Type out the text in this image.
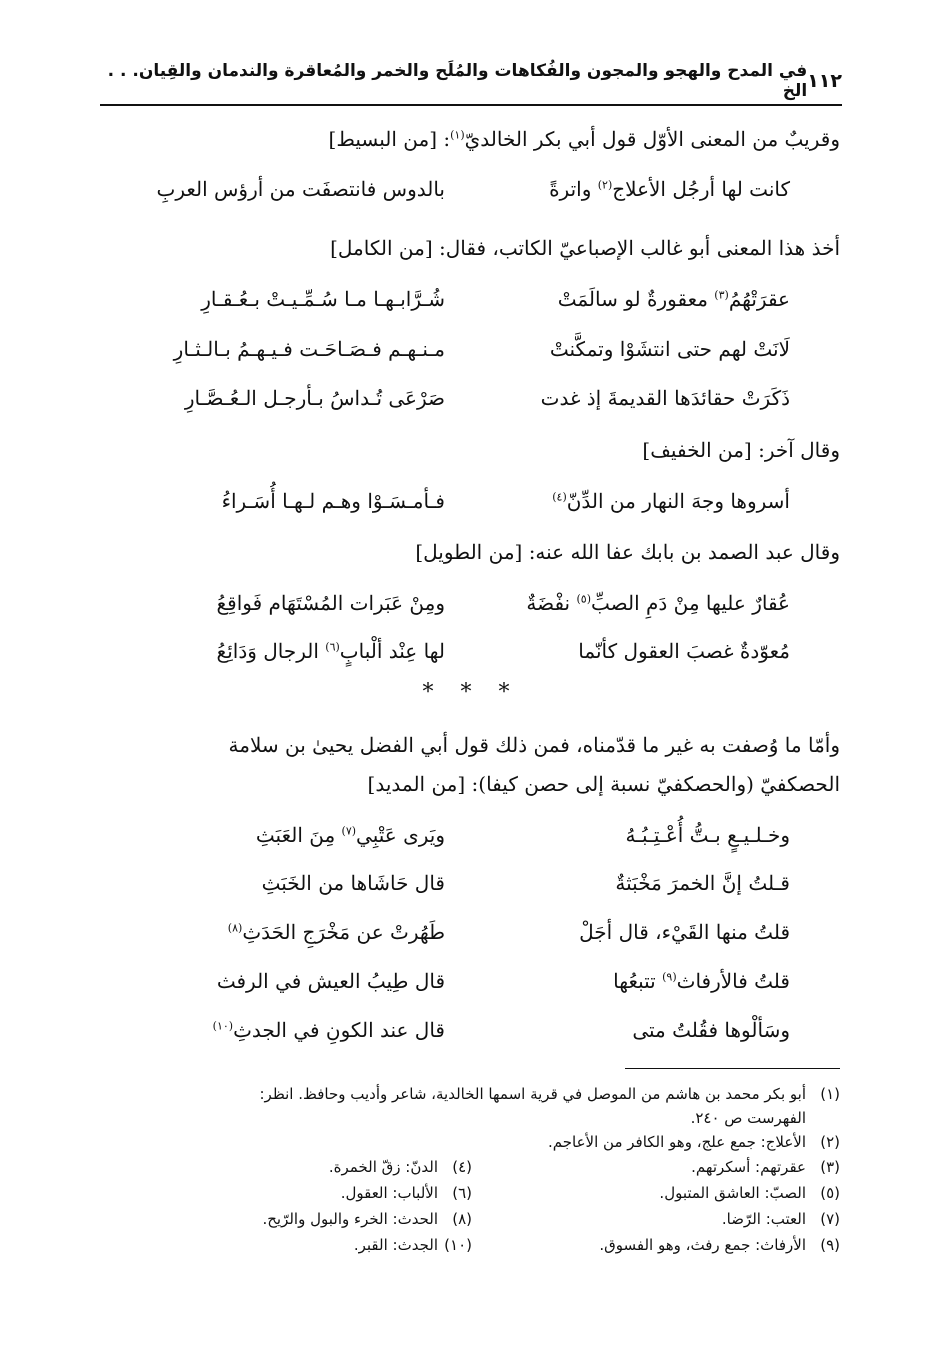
١١٢
في المدح والهجو والمجون والفُكاهات والمُلَح والخمر والمُعاقرة والندمان والقِيان. . . الخ
وقريبٌ من المعنى الأوّل قول أبي بكر الخالديّ$^{(١)}$: [من البسيط]
كانت لها أرجُل الأعلاج$^{(٢)}$ واترةً
بالدوس فانتصفَت من أرؤس العربِ
أخذ هذا المعنى أبو غالب الإصباعيّ الكاتب، فقال: [من الكامل]
عقرَتْهُمُ$^{(٣)}$ معقورةٌ لو سالَمَتْ
شُـرَّابـهـا مـا سُـمِّـيـتْ بـعُـقـارِ
لَانَتْ لهم حتى انتشَوْا وتمكَّنتْ
مـنـهـم فـصَـاحَـت فـيـهـمُ بـالـثـارِ
ذَكَرَتْ حقائدَها القديمةَ إذ غدت
صَرْعَى تُـداسُ بـأرجـل الـعُـصَّـارِ
وقال آخر: [من الخفيف]
أسروها وجهَ النهار من الدِّنّ$^{(٤)}$
فـأمـسَـوْا وهـم لـهـا أُسَـراءُ
وقال عبد الصمد بن بابك عفا الله عنه: [من الطويل]
عُقارٌ عليها مِنْ دَمِ الصبِّ$^{(٥)}$ نفْضَةٌ
ومِنْ عَبَرات المُسْتَهَام فَواقِعُ
مُعوّدةٌ غصبَ العقول كأنّما
لها عِنْد ألْبابٍ$^{(٦)}$ الرجال وَدَائِعُ
* * *
وأمّا ما وُصفت به غير ما قدّمناه، فمن ذلك قول أبي الفضل يحيىٰ بن سلامة
الحصكفيّ (والحصكفيّ نسبة إلى حصن كيفا): [من المديد]
وخـلـيـعٍ بـتُّ أُعْـتِـبُـهُ
ويَرى عَتْبِي$^{(٧)}$ مِنَ العَبَثِ
قـلتُ إنَّ الخمرَ مَخْبَثةٌ
قال حَاشَاها من الخَبَثِ
قلتُ منها القَيْء، قال أجَلْ
طَهُرتْ عن مَخْرَجِ الحَدَثِ$^{(٨)}$
قلتُ فالأرفاث$^{(٩)}$ تتبعُها
قال طِيبُ العيش في الرفث
وسَألْوها فقُلتُ متى
قال عند الكونِ في الجدثِ$^{(١٠)}$
(١)أبو بكر محمد بن هاشم من الموصل في قرية اسمها الخالدية، شاعر وأديب وحافظ. انظر:
الفهرست ص ٢٤٠.
(٢)الأعلاج: جمع علج، وهو الكافر من الأعاجم.
(٣)عقرتهم: أسكرتهم.
(٤)الدنّ: زقّ الخمرة.
(٥)الصبّ: العاشق المتبول.
(٦)الألباب: العقول.
(٧)العتب: الرّضا.
(٨)الحدث: الخرء والبول والرّيح.
(٩)الأرفاث: جمع رفث، وهو الفسوق.
(١٠)الجدث: القبر.
